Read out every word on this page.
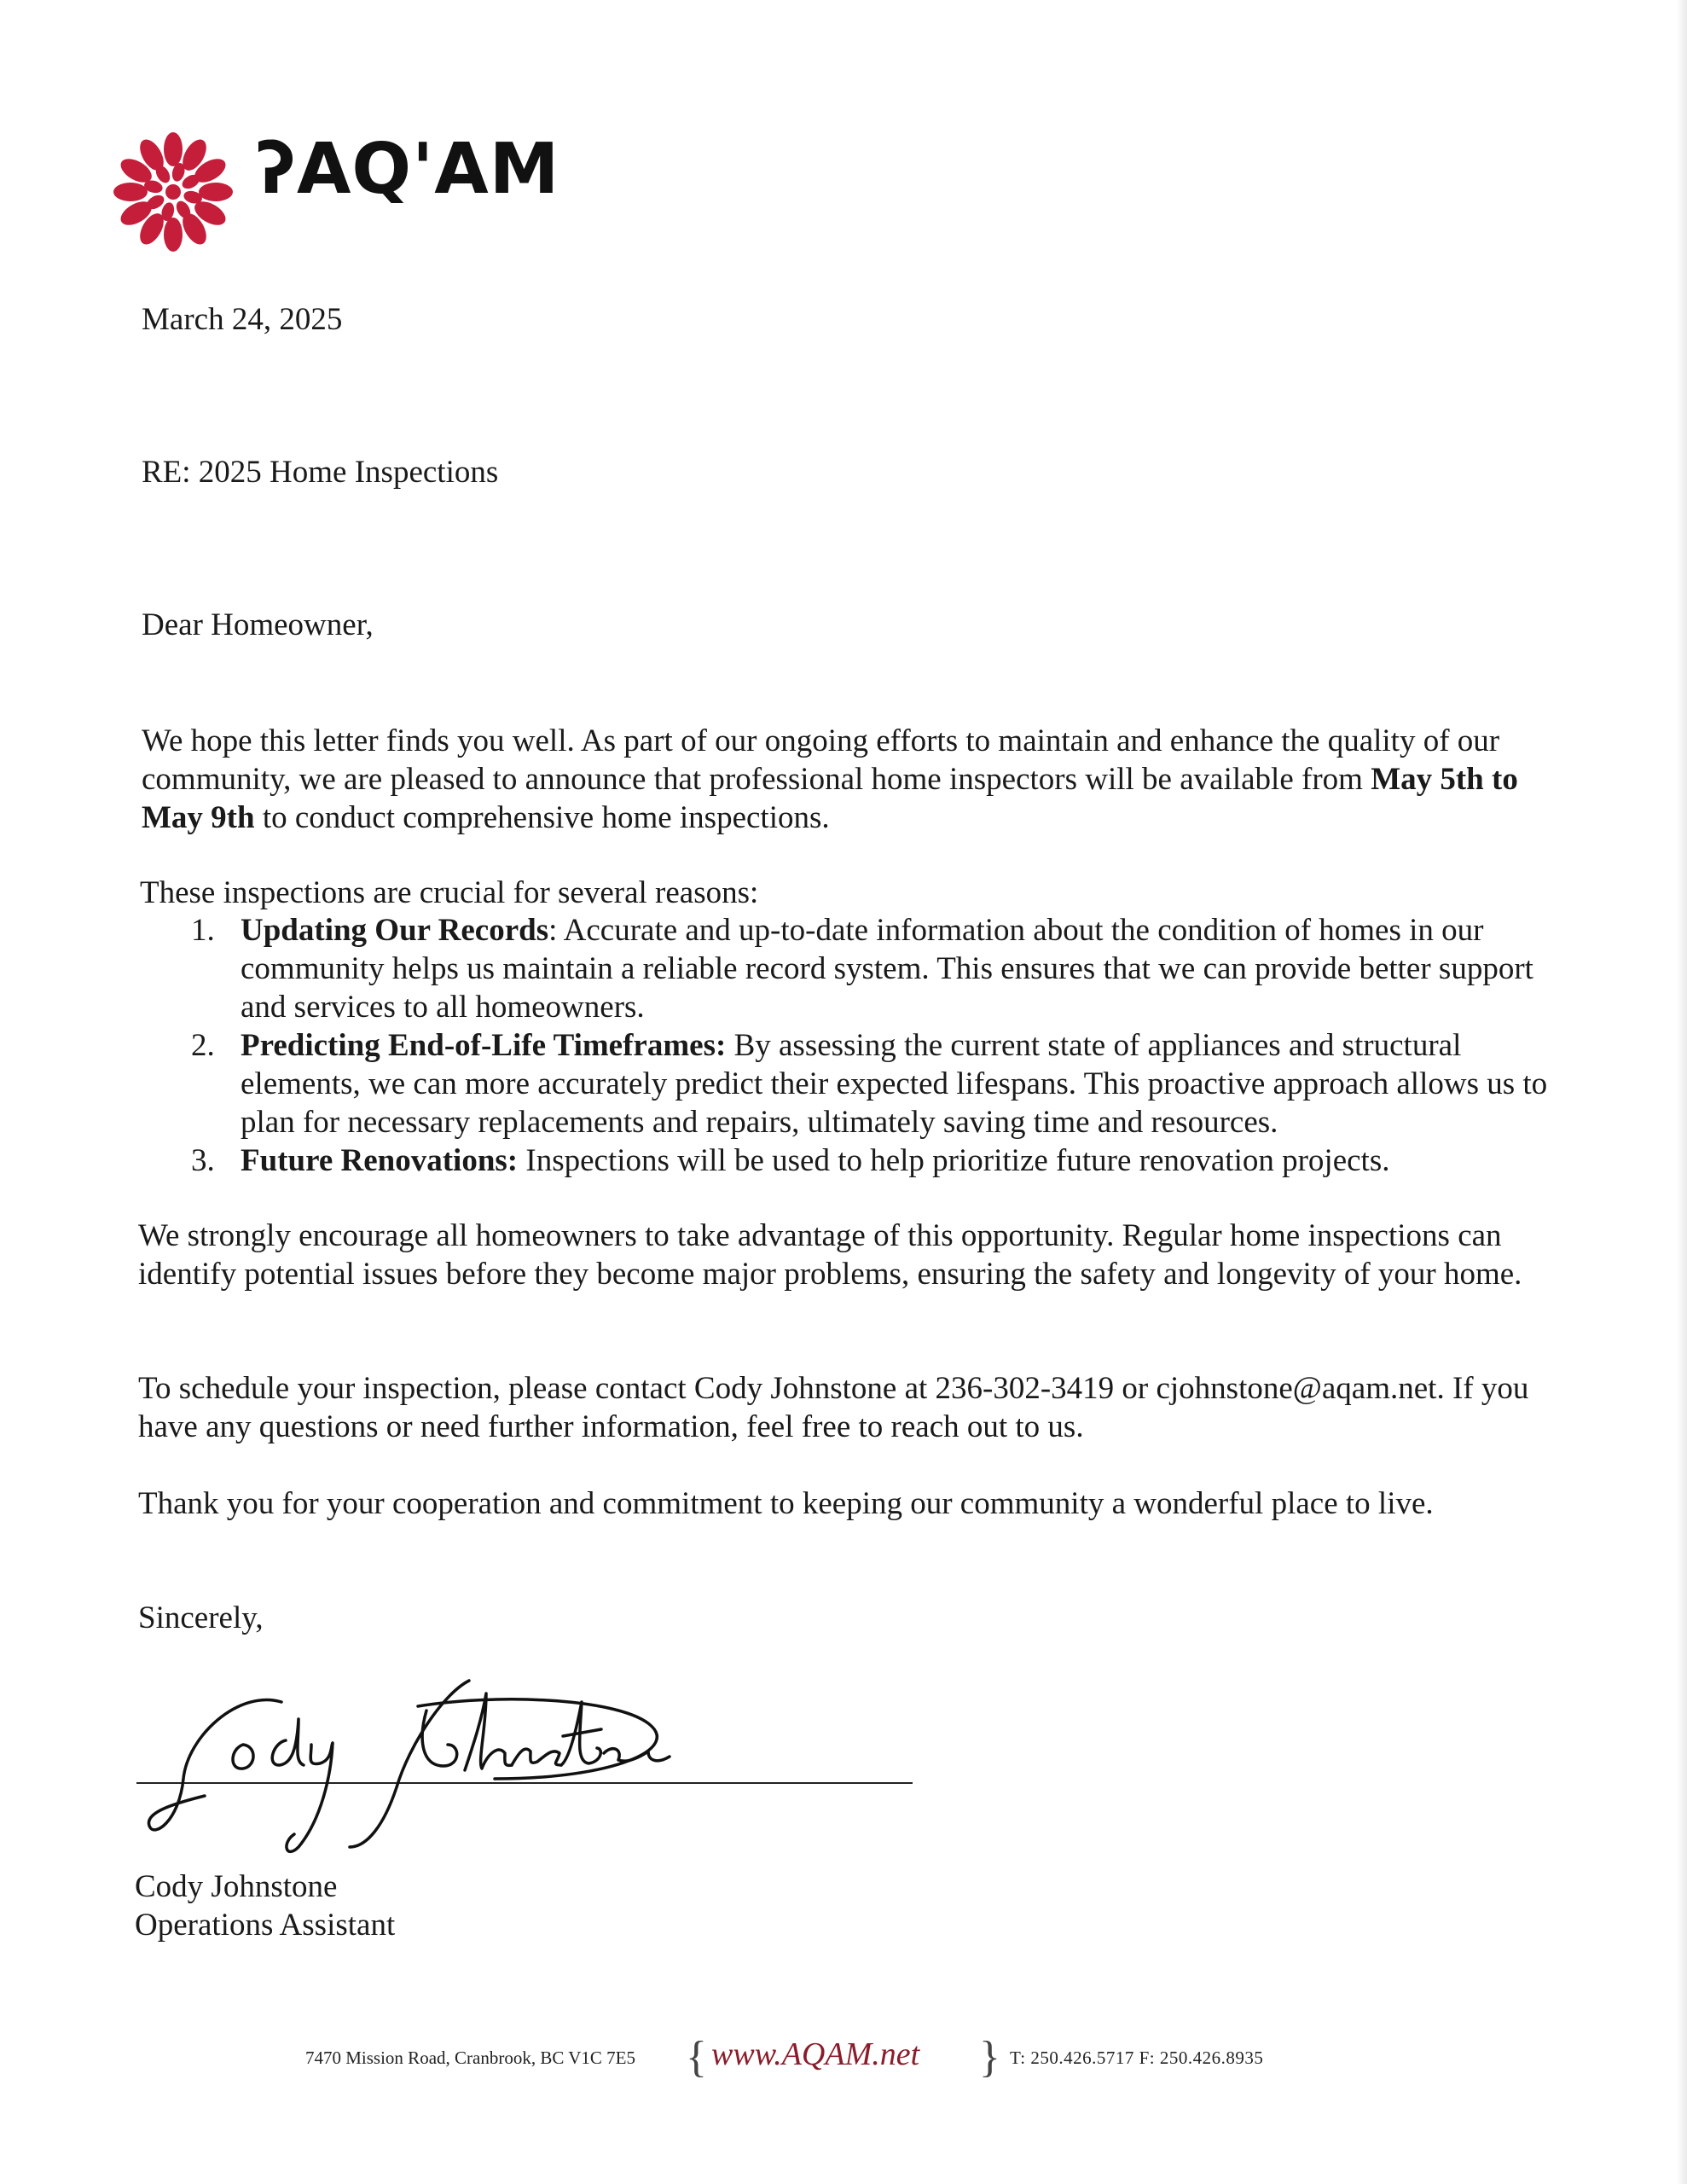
ʔAQ'AM

March 24, 2025

RE: 2025 Home Inspections

Dear Homeowner,

We hope this letter finds you well. As part of our ongoing efforts to maintain and enhance the quality of our community, we are pleased to announce that professional home inspectors will be available from May 5th to May 9th to conduct comprehensive home inspections.

These inspections are crucial for several reasons:

1. Updating Our Records: Accurate and up-to-date information about the condition of homes in our community helps us maintain a reliable record system. This ensures that we can provide better support and services to all homeowners.
2. Predicting End-of-Life Timeframes: By assessing the current state of appliances and structural elements, we can more accurately predict their expected lifespans. This proactive approach allows us to plan for necessary replacements and repairs, ultimately saving time and resources.
3. Future Renovations: Inspections will be used to help prioritize future renovation projects.

We strongly encourage all homeowners to take advantage of this opportunity. Regular home inspections can identify potential issues before they become major problems, ensuring the safety and longevity of your home.

To schedule your inspection, please contact Cody Johnstone at 236-302-3419 or cjohnstone@aqam.net. If you have any questions or need further information, feel free to reach out to us.

Thank you for your cooperation and commitment to keeping our community a wonderful place to live.

Sincerely,

Cody Johnstone

Operations Assistant

7470 Mission Road, Cranbrook, BC V1C 7E5 { www.AQAM.net } T: 250.426.5717 F: 250.426.8935
